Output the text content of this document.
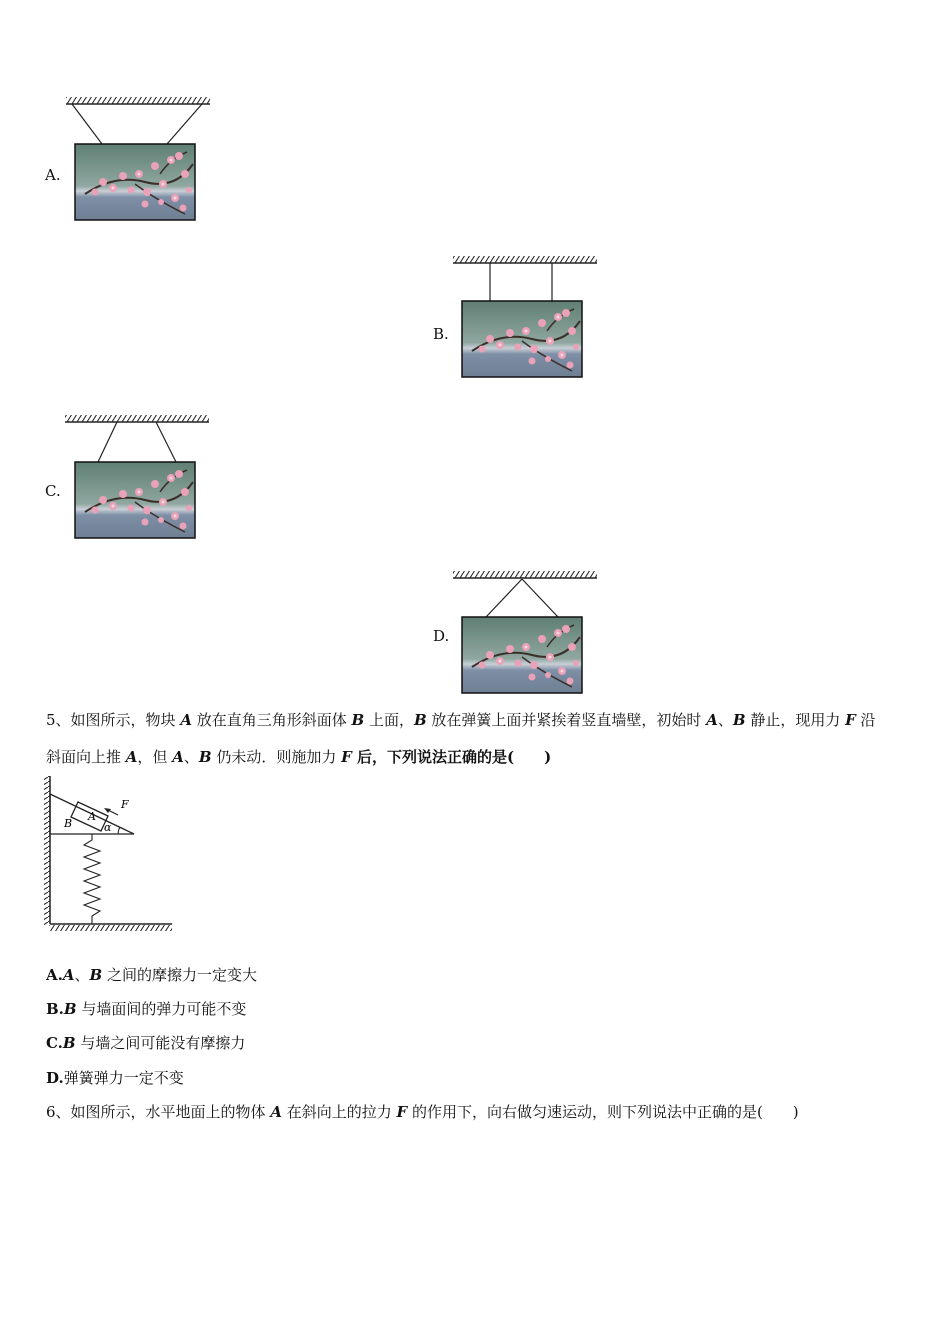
A.
B.
C.
D.
5、如图所示，物块 A 放在直角三角形斜面体 B 上面，B 放在弹簧上面并紧挨着竖直墙壁，初始时 A、B 静止，现用力 F 沿
斜面向上推 A，但 A、B 仍未动．则施加力 F 后，下列说法正确的是(　　)
A
F
B	α
A.A、B 之间的摩擦力一定变大
B.B 与墙面间的弹力可能不变
C.B 与墙之间可能没有摩擦力
D.弹簧弹力一定不变
6、如图所示，水平地面上的物体 A 在斜向上的拉力 F 的作用下，向右做匀速运动，则下列说法中正确的是(　　)
